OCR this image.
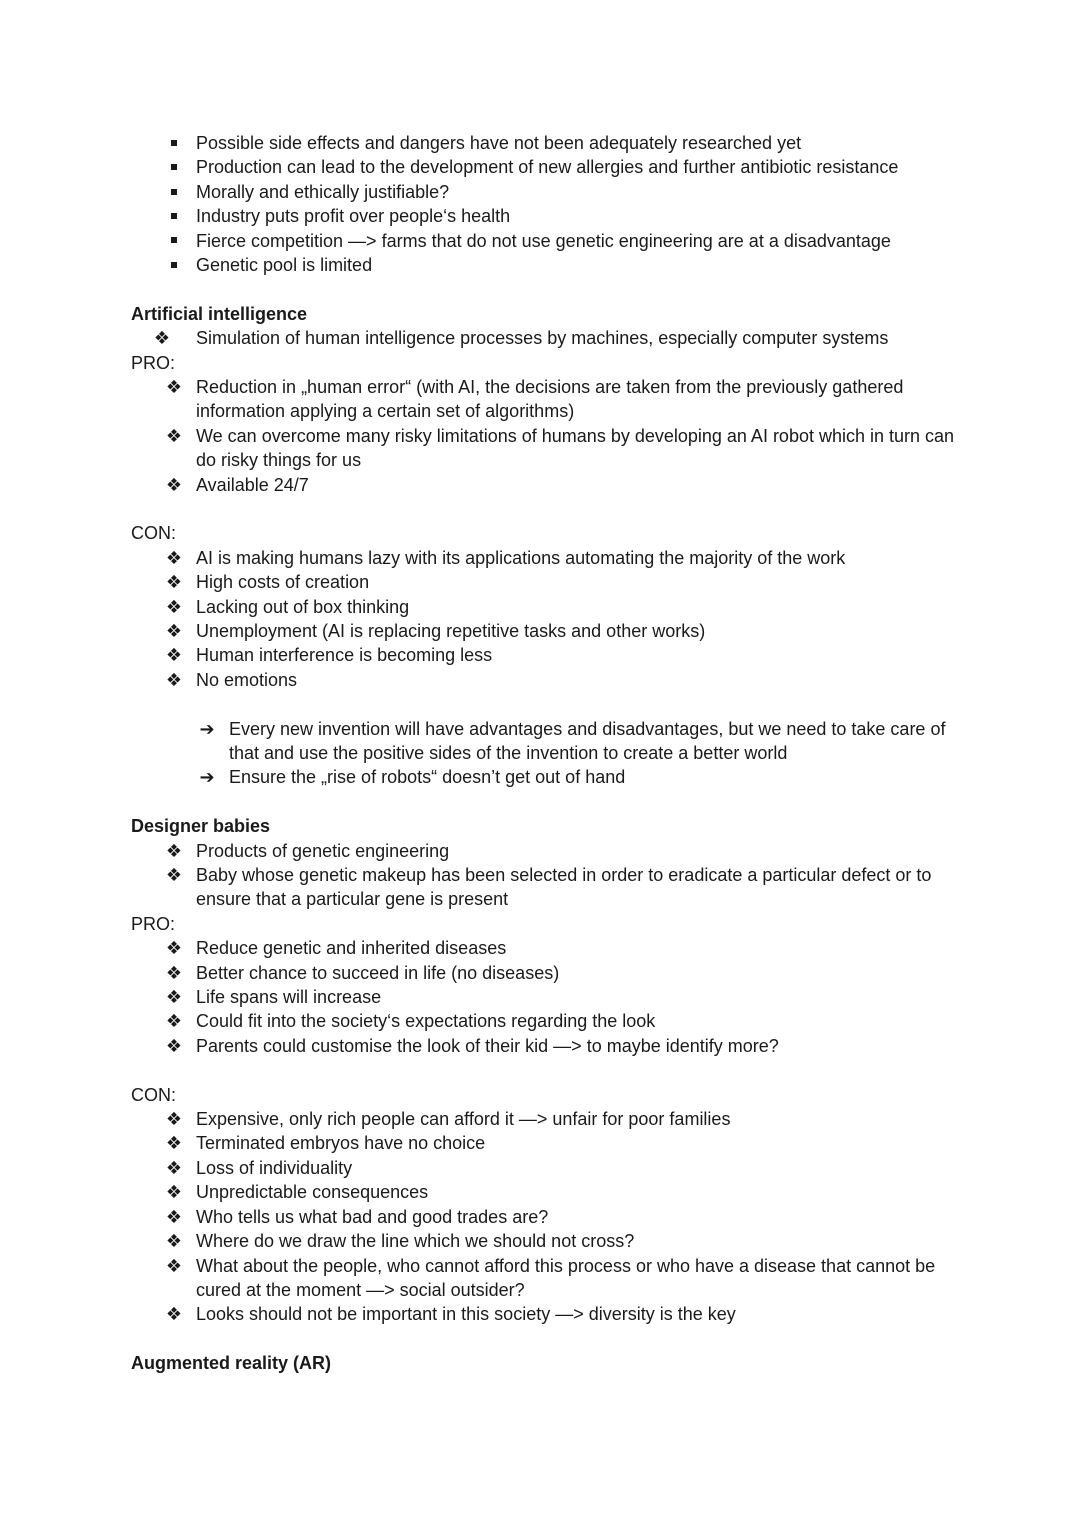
Possible side effects and dangers have not been adequately researched yet
Production can lead to the development of new allergies and further antibiotic resistance
Morally and ethically justifiable?
Industry puts profit over people‘s health
Fierce competition —> farms that do not use genetic engineering are at a disadvantage
Genetic pool is limited
Artificial intelligence
❖ Simulation of human intelligence processes by machines, especially computer systems
PRO:
❖ Reduction in „human error“ (with AI, the decisions are taken from the previously gathered information applying a certain set of algorithms)
❖ We can overcome many risky limitations of humans by developing an AI robot which in turn can do risky things for us
❖ Available 24/7
CON:
❖ AI is making humans lazy with its applications automating the majority of the work
❖ High costs of creation
❖ Lacking out of box thinking
❖ Unemployment (AI is replacing repetitive tasks and other works)
❖ Human interference is becoming less
❖ No emotions
➔ Every new invention will have advantages and disadvantages, but we need to take care of that and use the positive sides of the invention to create a better world
➔ Ensure the „rise of robots“ doesn’t get out of hand
Designer babies
❖ Products of genetic engineering
❖ Baby whose genetic makeup has been selected in order to eradicate a particular defect or to ensure that a particular gene is present
PRO:
❖ Reduce genetic and inherited diseases
❖ Better chance to succeed in life (no diseases)
❖ Life spans will increase
❖ Could fit into the society‘s expectations regarding the look
❖ Parents could customise the look of their kid —> to maybe identify more?
CON:
❖ Expensive, only rich people can afford it —> unfair for poor families
❖ Terminated embryos have no choice
❖ Loss of individuality
❖ Unpredictable consequences
❖ Who tells us what bad and good trades are?
❖ Where do we draw the line which we should not cross?
❖ What about the people, who cannot afford this process or who have a disease that cannot be cured at the moment —> social outsider?
❖ Looks should not be important in this society —> diversity is the key
Augmented reality (AR)
